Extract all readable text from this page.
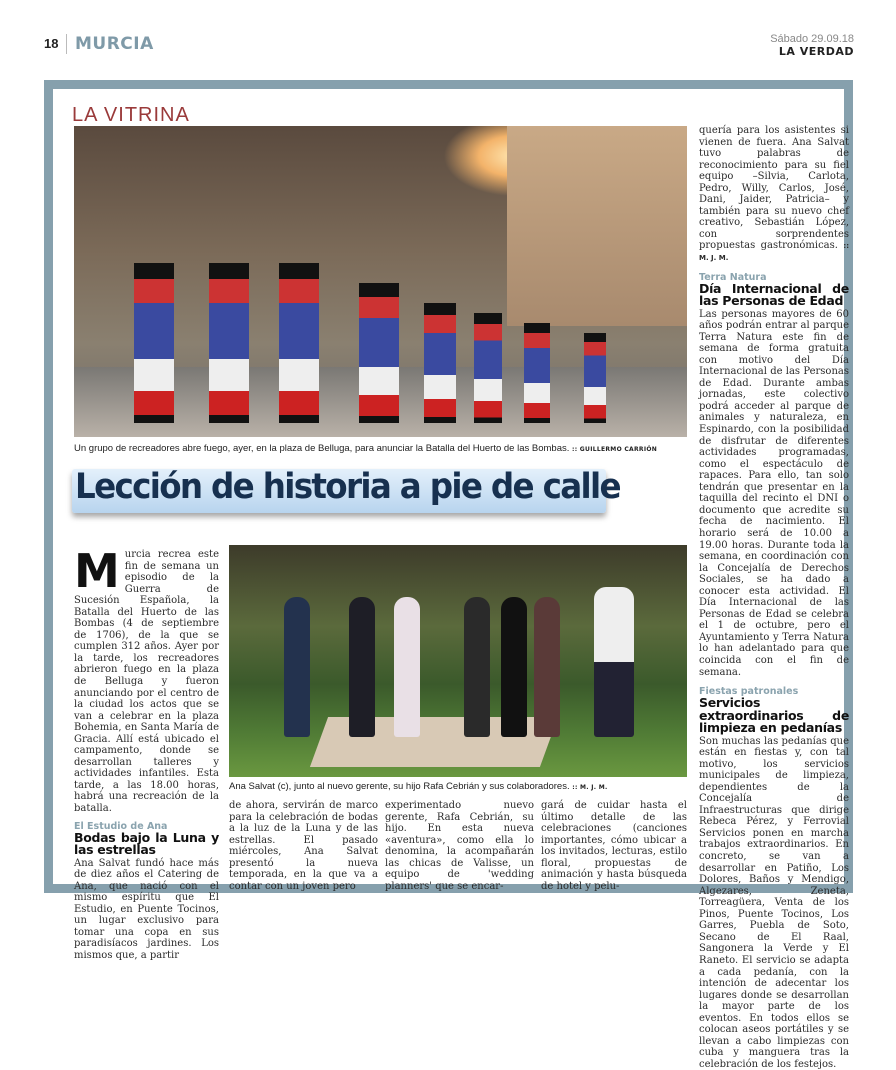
18 MURCIA	Sábado 29.09.18
LA VERDAD
LA VITRINA
Un grupo de recreadores abre fuego, ayer, en la plaza de Belluga, para anunciar la Batalla del Huerto de las Bombas. :: GUILLERMO CARRIÓN
Lección de historia a pie de calle
Murcia recrea este fin de semana un episodio de la Guerra de Sucesión Española, la Batalla del Huerto de las Bombas (4 de septiembre de 1706), de la que se cumplen 312 años. Ayer por la tarde, los recreadores abrieron fuego en la plaza de Belluga y fueron anunciando por el centro de la ciudad los actos que se van a celebrar en la plaza Bohemia, en Santa María de Gracia. Allí está ubicado el campamento, donde se desarrollan talleres y actividades infantiles. Esta tarde, a las 18.00 horas, habrá una recreación de la batalla.
El Estudio de Ana
Bodas bajo la Luna y las estrellas
Ana Salvat fundó hace más de diez años el Catering de Ana, que nació con el mismo espíritu que El Estudio, en Puente Tocinos, un lugar exclusivo para tomar una copa en sus paradisíacos jardines. Los mismos que, a partir
Ana Salvat (c), junto al nuevo gerente, su hijo Rafa Cebrián y sus colaboradores. :: M. J. M.
de ahora, servirán de marco para la celebración de bodas a la luz de la Luna y de las estrellas. El pasado miércoles, Ana Salvat presentó la nueva temporada, en la que va a contar con un joven pero
experimentado nuevo gerente, Rafa Cebrián, su hijo. En esta nueva «aventura», como ella lo denomina, la acompañarán las chicas de Valisse, un equipo de 'wedding planners' que se encar-
gará de cuidar hasta el último detalle de las celebraciones (canciones importantes, cómo ubicar a los invitados, lecturas, estilo floral, propuestas de animación y hasta búsqueda de hotel y pelu-
quería para los asistentes si vienen de fuera. Ana Salvat tuvo palabras de reconocimiento para su fiel equipo –Silvia, Carlota, Pedro, Willy, Carlos, José, Dani, Jaider, Patricia– y también para su nuevo chef creativo, Sebastián López, con sorprendentes propuestas gastronómicas. :: M. J. M.
Terra Natura
Día Internacional de las Personas de Edad
Las personas mayores de 60 años podrán entrar al parque Terra Natura este fin de semana de forma gratuita con motivo del Día Internacional de las Personas de Edad. Durante ambas jornadas, este colectivo podrá acceder al parque de animales y naturaleza, en Espinardo, con la posibilidad de disfrutar de diferentes actividades programadas, como el espectáculo de rapaces. Para ello, tan solo tendrán que presentar en la taquilla del recinto el DNI o documento que acredite su fecha de nacimiento. El horario será de 10.00 a 19.00 horas. Durante toda la semana, en coordinación con la Concejalía de Derechos Sociales, se ha dado a conocer esta actividad. El Día Internacional de las Personas de Edad se celebra el 1 de octubre, pero el Ayuntamiento y Terra Natura lo han adelantado para que coincida con el fin de semana.
Fiestas patronales
Servicios extraordinarios de limpieza en pedanías
Son muchas las pedanías que están en fiestas y, con tal motivo, los servicios municipales de limpieza, dependientes de la Concejalía de Infraestructuras que dirige Rebeca Pérez, y Ferrovial Servicios ponen en marcha trabajos extraordinarios. En concreto, se van a desarrollar en Patiño, Los Dolores, Baños y Mendigo, Algezares, Zeneta, Torreagüera, Venta de los Pinos, Puente Tocinos, Los Garres, Puebla de Soto, Secano de El Raal, Sangonera la Verde y El Raneto. El servicio se adapta a cada pedanía, con la intención de adecentar los lugares donde se desarrollan la mayor parte de los eventos. En todos ellos se colocan aseos portátiles y se llevan a cabo limpiezas con cuba y manguera tras la celebración de los festejos.
